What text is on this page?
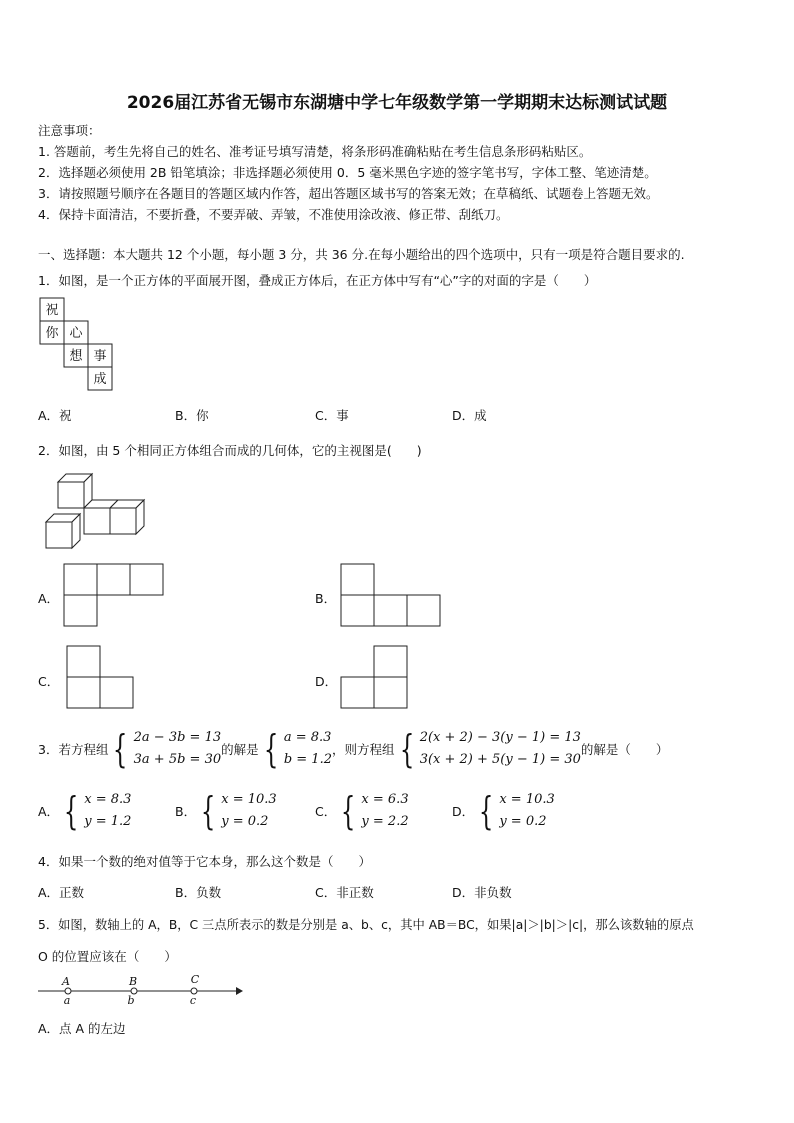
2026届江苏省无锡市东湖塘中学七年级数学第一学期期末达标测试试题
注意事项：
1. 答题前，考生先将自己的姓名、准考证号填写清楚，将条形码准确粘贴在考生信息条形码粘贴区。
2．选择题必须使用 2B 铅笔填涂；非选择题必须使用 0．5 毫米黑色字迹的签字笔书写，字体工整、笔迹清楚。
3．请按照题号顺序在各题目的答题区域内作答，超出答题区域书写的答案无效；在草稿纸、试题卷上答题无效。
4．保持卡面清洁，不要折叠，不要弄破、弄皱，不准使用涂改液、修正带、刮纸刀。
一、选择题：本大题共 12 个小题，每小题 3 分，共 36 分.在每小题给出的四个选项中，只有一项是符合题目要求的.
1．如图，是一个正方体的平面展开图，叠成正方体后，在正方体中写有“心”字的对面的字是（　　）
祝
你 心
想 事
成
A．祝	B．你	C．事	D．成
2．如图，由 5 个相同正方体组合而成的几何体，它的主视图是(　　)
A．	B．
C．	D．
3．若方程组 { 2a − 3b = 13
3a + 5b = 30
的解是 { a = 8.3
b = 1.2
，则方程组 { 2(x + 2) − 3(y − 1) = 13
3(x + 2) + 5(y − 1) = 30
的解是（　　）
A． { x = 8.3
y = 1.2
B． { x = 10.3
y = 0.2
C． { x = 6.3
y = 2.2
D． { x = 10.3
y = 0.2
4．如果一个数的绝对值等于它本身，那么这个数是（　　）
A．正数	B．负数	C．非正数	D．非负数
5．如图，数轴上的 A，B，C 三点所表示的数是分别是 a、b、c，其中 AB＝BC，如果|a|＞|b|＞|c|，那么该数轴的原点
O 的位置应该在（　　）
A	B	C
a	b	c
A．点 A 的左边
